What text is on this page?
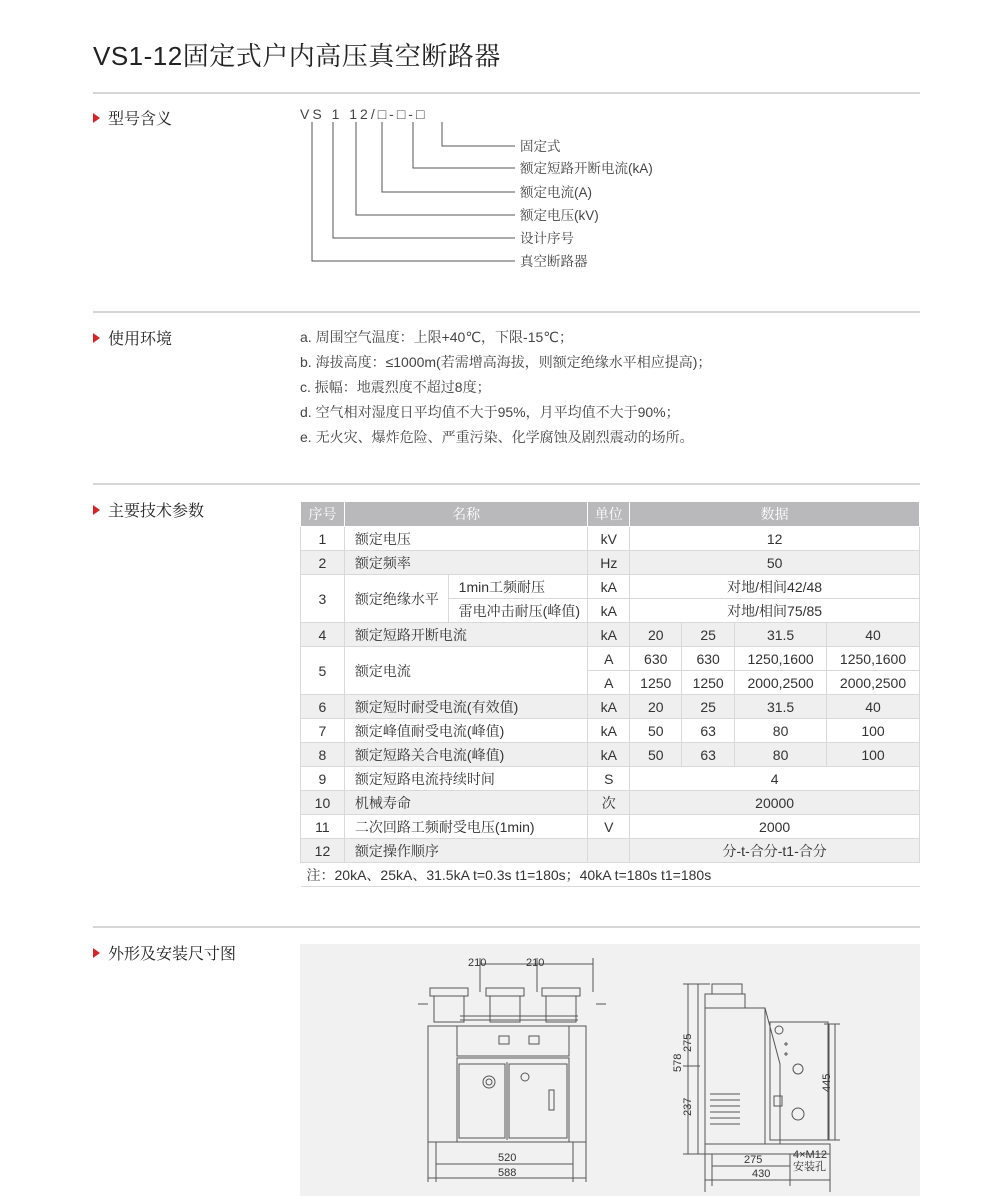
VS1-12固定式户内高压真空断路器
型号含义	VS 1 12/□-□-□
固定式
额定短路开断电流(kA)
额定电流(A)
额定电压(kV)
设计序号
真空断路器
使用环境	a. 周围空气温度：上限+40℃，下限-15℃；
b. 海拔高度：≤1000m(若需增高海拔，则额定绝缘水平相应提高)；
c. 振幅：地震烈度不超过8度；
d. 空气相对湿度日平均值不大于95%，月平均值不大于90%；
e. 无火灾、爆炸危险、严重污染、化学腐蚀及剧烈震动的场所。
主要技术参数	序号	名称		单位	数据			
1	额定电压		kV	12			
2	额定频率		Hz	50			
3	额定绝缘水平	1min工频耐压	kA	对地/相间42/48			
		雷电冲击耐压(峰值)	kA	对地/相间75/85			
4	额定短路开断电流		kA	20	25	31.5	40
5	额定电流		A	630	630	1250,1600	1250,1600
			A	1250	1250	2000,2500	2000,2500
6	额定短时耐受电流(有效值)		kA	20	25	31.5	40
7	额定峰值耐受电流(峰值)		kA	50	63	80	100
8	额定短路关合电流(峰值)		kA	50	63	80	100
9	额定短路电流持续时间		S	4			
10	机械寿命		次	20000			
11	二次回路工频耐受电压(1min)		V	2000			
12	额定操作顺序			分-t-合分-t1-合分			
注：20kA、25kA、31.5kA t=0.3s t1=180s；40kA t=180s t1=180s							
外形及安装尺寸图	210	210
520
588
578
275
237
445
275
430
4×M12
安装孔
